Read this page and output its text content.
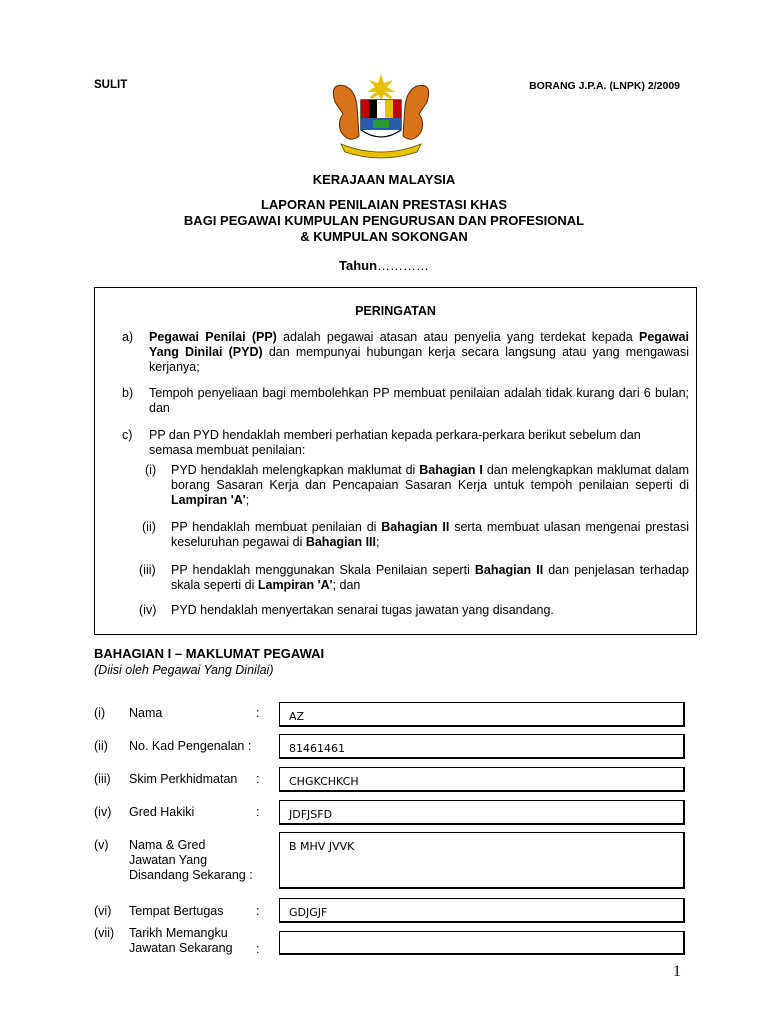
SULIT	BORANG J.P.A. (LNPK) 2/2009
KERAJAAN MALAYSIA
LAPORAN PENILAIAN PRESTASI KHAS
BAGI PEGAWAI KUMPULAN PENGURUSAN DAN PROFESIONAL
& KUMPULAN SOKONGAN
Tahun…………
PERINGATAN
a) Pegawai Penilai (PP) adalah pegawai atasan atau penyelia yang terdekat kepada Pegawai Yang Dinilai (PYD) dan mempunyai hubungan kerja secara langsung atau yang mengawasi kerjanya;
b) Tempoh penyeliaan bagi membolehkan PP membuat penilaian adalah tidak kurang dari 6 bulan; dan
c) PP dan PYD hendaklah memberi perhatian kepada perkara-perkara berikut sebelum dan semasa membuat penilaian:
(i) PYD hendaklah melengkapkan maklumat di Bahagian I dan melengkapkan maklumat dalam borang Sasaran Kerja dan Pencapaian Sasaran Kerja untuk tempoh penilaian seperti di Lampiran 'A';
(ii) PP hendaklah membuat penilaian di Bahagian II serta membuat ulasan mengenai prestasi keseluruhan pegawai di Bahagian III;
(iii) PP hendaklah menggunakan Skala Penilaian seperti Bahagian II dan penjelasan terhadap skala seperti di Lampiran 'A'; dan
(iv) PYD hendaklah menyertakan senarai tugas jawatan yang disandang.
BAHAGIAN I – MAKLUMAT PEGAWAI
(Diisi oleh Pegawai Yang Dinilai)
(i) Nama	:	AZ
(ii) No. Kad Pengenalan :	81461461
(iii) Skim Perkhidmatan :	CHGKCHKCH
(iv) Gred Hakiki	:	JDFJSFD
(v) Nama & Gred
Jawatan Yang
Disandang Sekarang :
B MHV JVVK
(vi) Tempat Bertugas	:	GDJGJF
(vii) Tarikh Memangku
Jawatan Sekarang :
1
